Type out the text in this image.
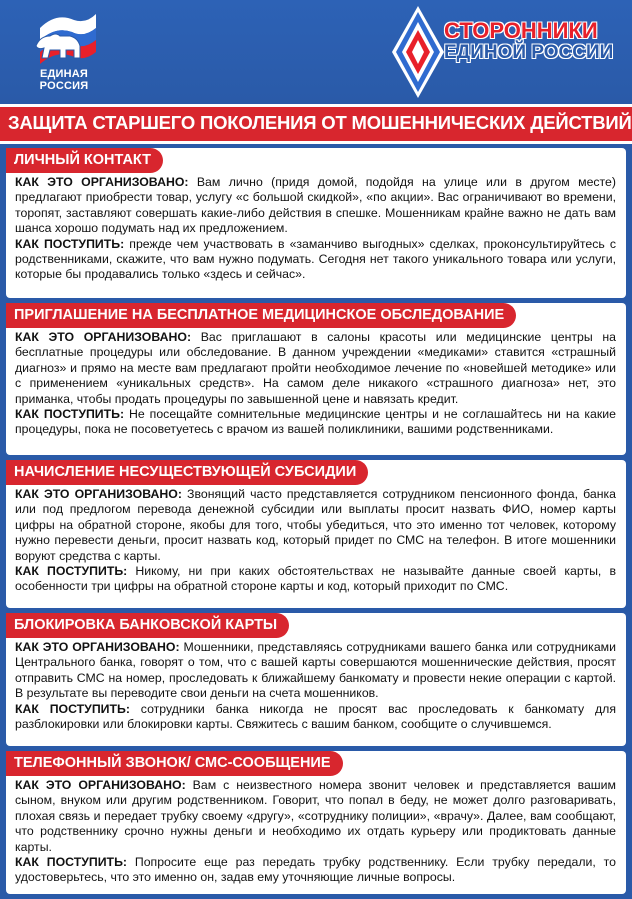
ЕДИНАЯ
РОССИЯ
СТОРОННИКИ
ЕДИНОЙ РОССИИ
ЗАЩИТА СТАРШЕГО ПОКОЛЕНИЯ ОТ МОШЕННИЧЕСКИХ ДЕЙСТВИЙ
ЛИЧНЫЙ КОНТАКТ

КАК ЭТО ОРГАНИЗОВАНО: Вам лично (придя домой, подойдя на улице или в другом месте) предлагают приобрести товар, услугу «с большой скидкой», «по акции». Вас ограничивают во времени, торопят, заставляют совершать какие-либо действия в спешке. Мошенникам крайне важно не дать вам шанса хорошо подумать над их предложением.

КАК ПОСТУПИТЬ: прежде чем участвовать в «заманчиво выгодных» сделках, проконсультируйтесь с родственниками, скажите, что вам нужно подумать. Сегодня нет такого уникального товара или услуги, которые бы продавались только «здесь и сейчас».

ПРИГЛАШЕНИЕ НА БЕСПЛАТНОЕ МЕДИЦИНСКОЕ ОБСЛЕДОВАНИЕ

КАК ЭТО ОРГАНИЗОВАНО: Вас приглашают в салоны красоты или медицинские центры на бесплатные процедуры или обследование. В данном учреждении «медиками» ставится «страшный диагноз» и прямо на месте вам предлагают пройти необходимое лечение по «новейшей методике» или с применением «уникальных средств». На самом деле никакого «страшного диагноза» нет, это приманка, чтобы продать процедуры по завышенной цене и навязать кредит.

КАК ПОСТУПИТЬ: Не посещайте сомнительные медицинские центры и не соглашайтесь ни на какие процедуры, пока не посоветуетесь с врачом из вашей поликлиники, вашими родственниками.

НАЧИСЛЕНИЕ НЕСУЩЕСТВУЮЩЕЙ СУБСИДИИ

КАК ЭТО ОРГАНИЗОВАНО: Звонящий часто представляется сотрудником пенсионного фонда, банка или под предлогом перевода денежной субсидии или выплаты просит назвать ФИО, номер карты цифры на обратной стороне, якобы для того, чтобы убедиться, что это именно тот человек, которому нужно перевести деньги, просит назвать код, который придет по СМС на телефон. В итоге мошенники воруют средства с карты.

КАК ПОСТУПИТЬ: Никому, ни при каких обстоятельствах не называйте данные своей карты, в особенности три цифры на обратной стороне карты и код, который приходит по СМС.

БЛОКИРОВКА БАНКОВСКОЙ КАРТЫ

КАК ЭТО ОРГАНИЗОВАНО: Мошенники, представляясь сотрудниками вашего банка или сотрудниками Центрального банка, говорят о том, что с вашей карты совершаются мошеннические действия, просят отправить СМС на номер, проследовать к ближайшему банкомату и провести некие операции с картой. В результате вы переводите свои деньги на счета мошенников.

КАК ПОСТУПИТЬ: сотрудники банка никогда не просят вас проследовать к банкомату для разблокировки или блокировки карты. Свяжитесь с вашим банком, сообщите о случившемся.

ТЕЛЕФОННЫЙ ЗВОНОК/ СМС-СООБЩЕНИЕ

КАК ЭТО ОРГАНИЗОВАНО: Вам с неизвестного номера звонит человек и представляется вашим сыном, внуком или другим родственником. Говорит, что попал в беду, не может долго разговаривать, плохая связь и передает трубку своему «другу», «сотруднику полиции», «врачу». Далее, вам сообщают, что родственнику срочно нужны деньги и необходимо их отдать курьеру или продиктовать данные карты.

КАК ПОСТУПИТЬ: Попросите еще раз передать трубку родственнику. Если трубку передали, то удостоверьтесь, что это именно он, задав ему уточняющие личные вопросы.
